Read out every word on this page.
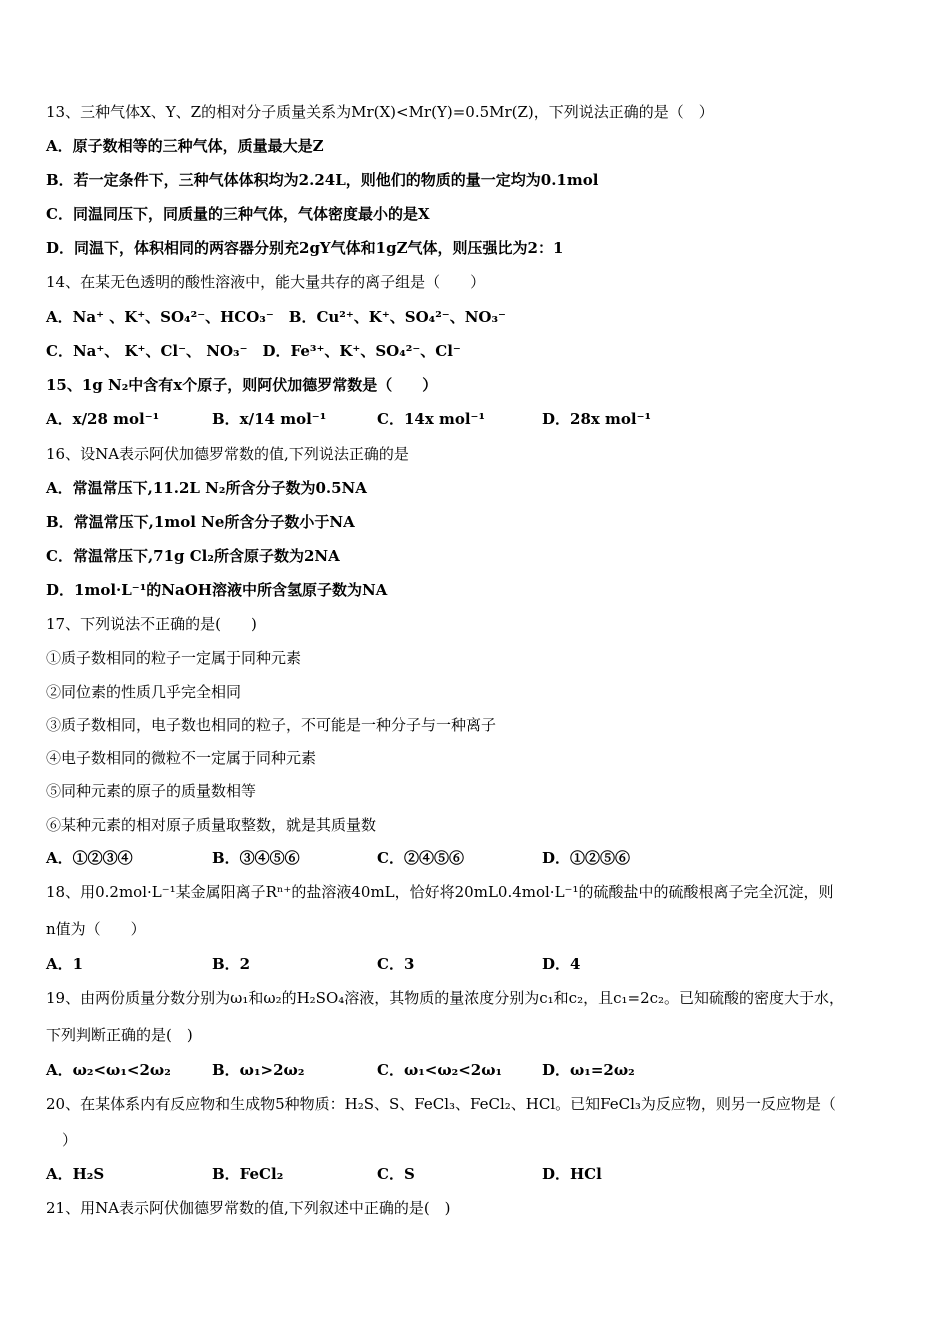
13、三种气体X、Y、Z的相对分子质量关系为Mr(X)<Mr(Y)=0.5Mr(Z)，下列说法正确的是（　）
A．原子数相等的三种气体，质量最大是Z
B．若一定条件下，三种气体体积均为2.24L，则他们的物质的量一定均为0.1mol
C．同温同压下，同质量的三种气体，气体密度最小的是X
D．同温下，体积相同的两容器分别充2gY气体和1gZ气体，则压强比为2：1
14、在某无色透明的酸性溶液中，能大量共存的离子组是（　　）
A．Na⁺ 、K⁺、SO₄²⁻、HCO₃⁻　B．Cu²⁺、K⁺、SO₄²⁻、NO₃⁻
C．Na⁺、 K⁺、Cl⁻、 NO₃⁻　D．Fe³⁺、K⁺、SO₄²⁻、Cl⁻
15、1g N₂中含有x个原子，则阿伏加德罗常数是（　　）
A．x/28 mol⁻¹	B．x/14 mol⁻¹	C．14x mol⁻¹	D．28x mol⁻¹
16、设NA表示阿伏加德罗常数的值,下列说法正确的是
A．常温常压下,11.2L N₂所含分子数为0.5NA
B．常温常压下,1mol Ne所含分子数小于NA
C．常温常压下,71g Cl₂所含原子数为2NA
D．1mol·L⁻¹的NaOH溶液中所含氢原子数为NA
17、下列说法不正确的是(　　)
①质子数相同的粒子一定属于同种元素
②同位素的性质几乎完全相同
③质子数相同，电子数也相同的粒子，不可能是一种分子与一种离子
④电子数相同的微粒不一定属于同种元素
⑤同种元素的原子的质量数相等
⑥某种元素的相对原子质量取整数，就是其质量数
A．①②③④	B．③④⑤⑥	C．②④⑤⑥	D．①②⑤⑥
18、用0.2mol·L⁻¹某金属阳离子Rⁿ⁺的盐溶液40mL，恰好将20mL0.4mol·L⁻¹的硫酸盐中的硫酸根离子完全沉淀，则
n值为（　　）
A．1	B．2	C．3	D．4
19、由两份质量分数分别为ω₁和ω₂的H₂SO₄溶液，其物质的量浓度分别为c₁和c₂，且c₁=2c₂。已知硫酸的密度大于水，
下列判断正确的是(　)
A．ω₂<ω₁<2ω₂	B．ω₁>2ω₂	C．ω₁<ω₂<2ω₁	D．ω₁=2ω₂
20、在某体系内有反应物和生成物5种物质：H₂S、S、FeCl₃、FeCl₂、HCl。已知FeCl₃为反应物，则另一反应物是（
）
A．H₂S	B．FeCl₂	C．S	D．HCl
21、用NA表示阿伏伽德罗常数的值,下列叙述中正确的是(　)
